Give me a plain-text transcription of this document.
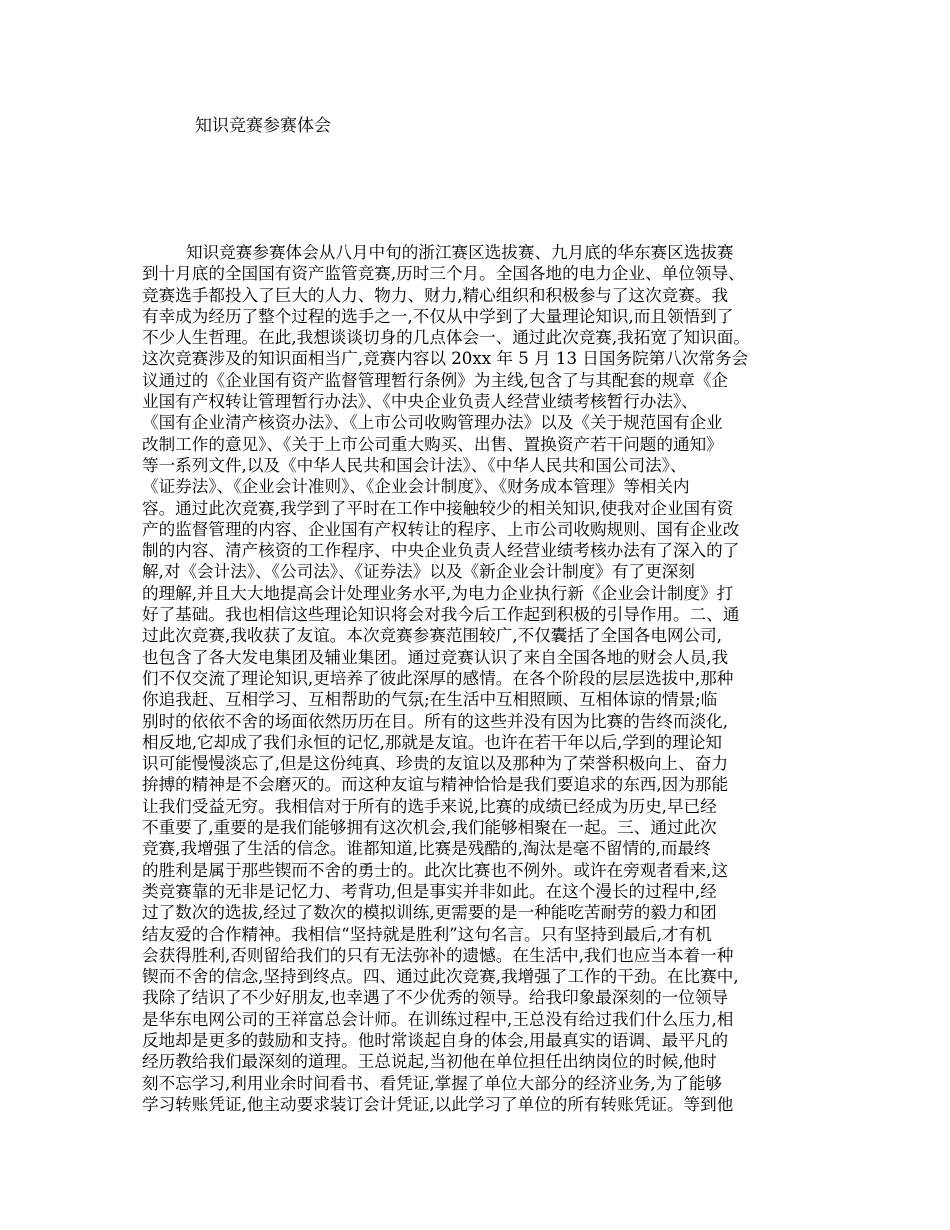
知识竞赛参赛体会
知识竞赛参赛体会从八月中旬的浙江赛区选拔赛、九月底的华东赛区选拔赛
到十月底的全国国有资产监管竞赛,历时三个月。全国各地的电力企业、单位领导、
竞赛选手都投入了巨大的人力、物力、财力,精心组织和积极参与了这次竞赛。我
有幸成为经历了整个过程的选手之一,不仅从中学到了大量理论知识,而且领悟到了
不少人生哲理。在此,我想谈谈切身的几点体会一、通过此次竞赛,我拓宽了知识面。
这次竞赛涉及的知识面相当广,竞赛内容以 20xx 年 5 月 13 日国务院第八次常务会
议通过的《企业国有资产监督管理暂行条例》为主线,包含了与其配套的规章《企
业国有产权转让管理暂行办法》、《中央企业负责人经营业绩考核暂行办法》、
《国有企业清产核资办法》、《上市公司收购管理办法》以及《关于规范国有企业
改制工作的意见》、《关于上市公司重大购买、出售、置换资产若干问题的通知》
等一系列文件,以及《中华人民共和国会计法》、《中华人民共和国公司法》、
《证券法》、《企业会计准则》、《企业会计制度》、《财务成本管理》等相关内
容。通过此次竞赛,我学到了平时在工作中接触较少的相关知识,使我对企业国有资
产的监督管理的内容、企业国有产权转让的程序、上市公司收购规则、国有企业改
制的内容、清产核资的工作程序、中央企业负责人经营业绩考核办法有了深入的了
解,对《会计法》、《公司法》、《证券法》以及《新企业会计制度》有了更深刻
的理解,并且大大地提高会计处理业务水平,为电力企业执行新《企业会计制度》打
好了基础。我也相信这些理论知识将会对我今后工作起到积极的引导作用。二、通
过此次竞赛,我收获了友谊。本次竞赛参赛范围较广,不仅囊括了全国各电网公司,
也包含了各大发电集团及辅业集团。通过竞赛认识了来自全国各地的财会人员,我
们不仅交流了理论知识,更培养了彼此深厚的感情。在各个阶段的层层选拔中,那种
你追我赶、互相学习、互相帮助的气氛;在生活中互相照顾、互相体谅的情景;临
别时的依依不舍的场面依然历历在目。所有的这些并没有因为比赛的告终而淡化,
相反地,它却成了我们永恒的记忆,那就是友谊。也许在若干年以后,学到的理论知
识可能慢慢淡忘了,但是这份纯真、珍贵的友谊以及那种为了荣誉积极向上、奋力
拚搏的精神是不会磨灭的。而这种友谊与精神恰恰是我们要追求的东西,因为那能
让我们受益无穷。我相信对于所有的选手来说,比赛的成绩已经成为历史,早已经
不重要了,重要的是我们能够拥有这次机会,我们能够相聚在一起。三、通过此次
竞赛,我增强了生活的信念。谁都知道,比赛是残酷的,淘汰是毫不留情的,而最终
的胜利是属于那些锲而不舍的勇士的。此次比赛也不例外。或许在旁观者看来,这
类竞赛靠的无非是记忆力、考背功,但是事实并非如此。在这个漫长的过程中,经
过了数次的选拔,经过了数次的模拟训练,更需要的是一种能吃苦耐劳的毅力和团
结友爱的合作精神。我相信“坚持就是胜利”这句名言。只有坚持到最后,才有机
会获得胜利,否则留给我们的只有无法弥补的遗憾。在生活中,我们也应当本着一种
锲而不舍的信念,坚持到终点。四、通过此次竞赛,我增强了工作的干劲。在比赛中,
我除了结识了不少好朋友,也幸遇了不少优秀的领导。给我印象最深刻的一位领导
是华东电网公司的王祥富总会计师。在训练过程中,王总没有给过我们什么压力,相
反地却是更多的鼓励和支持。他时常谈起自身的体会,用最真实的语调、最平凡的
经历教给我们最深刻的道理。王总说起,当初他在单位担任出纳岗位的时候,他时
刻不忘学习,利用业余时间看书、看凭证,掌握了单位大部分的经济业务,为了能够
学习转账凭证,他主动要求装订会计凭证,以此学习了单位的所有转账凭证。等到他
